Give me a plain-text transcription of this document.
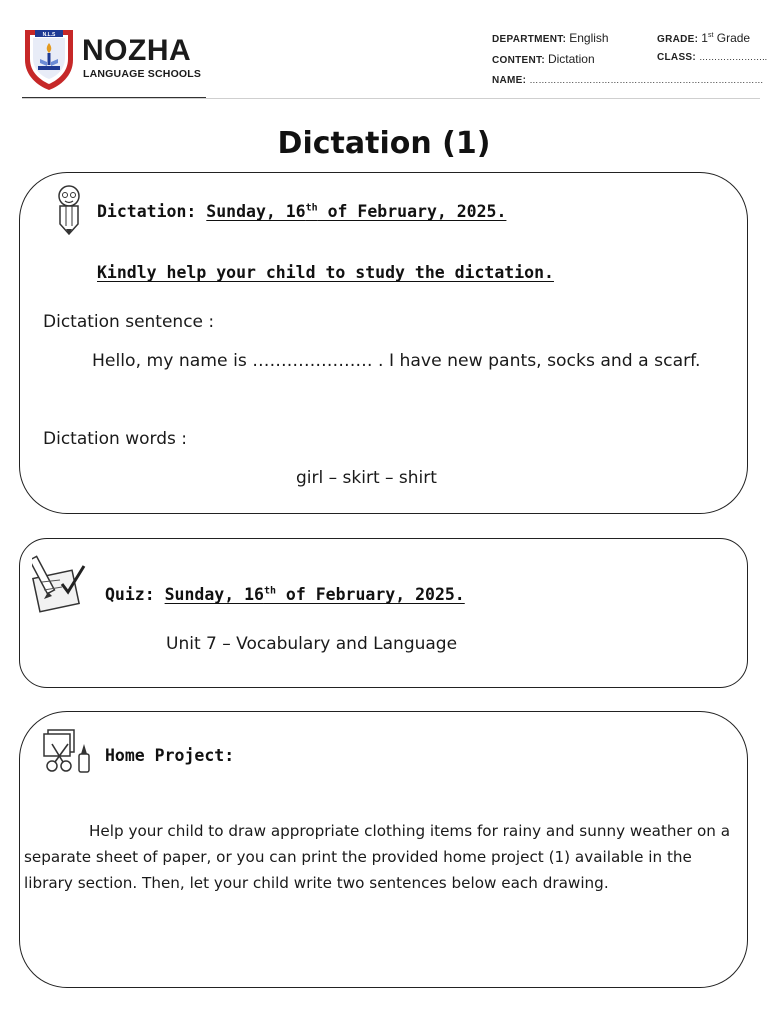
N.L.S NOZHA
LANGUAGE SCHOOLS
DEPARTMENT: English
CONTENT: Dictation
NAME: ……………………………………………………………………
GRADE: 1st Grade
CLASS: …………………..
Dictation (1)
Dictation: Sunday, 16th of February, 2025.
Kindly help your child to study the dictation.
Dictation sentence :
Hello, my name is ………………… . I have new pants, socks and a scarf.
Dictation words :
girl – skirt – shirt
Quiz: Sunday, 16th of February, 2025.
Unit 7 – Vocabulary and Language
Home Project:
Help your child to draw appropriate clothing items for rainy and sunny weather on a separate sheet of paper, or you can print the provided home project (1) available in the library section. Then, let your child write two sentences below each drawing.
